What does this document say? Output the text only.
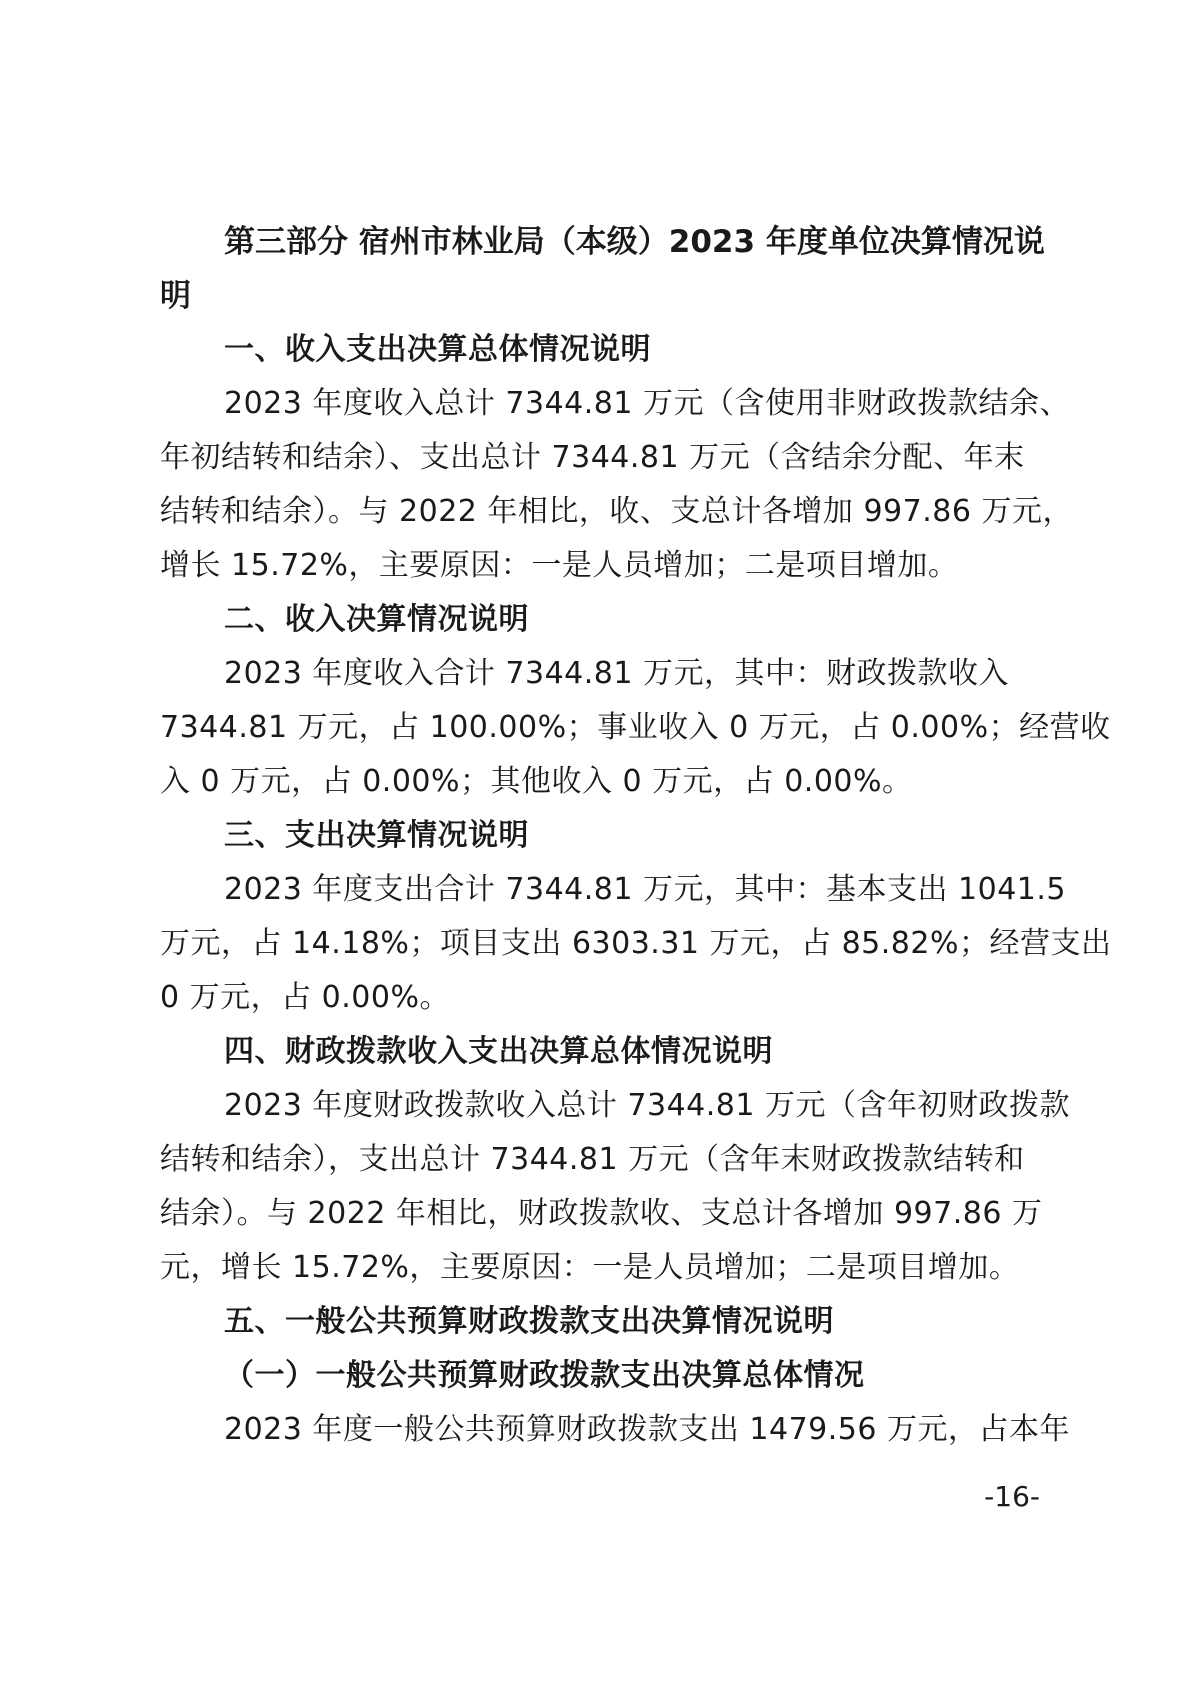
第三部分 宿州市林业局（本级）2023 年度单位决算情况说
明
一、收入支出决算总体情况说明
2023 年度收入总计 7344.81 万元（含使用非财政拨款结余、
年初结转和结余）、支出总计 7344.81 万元（含结余分配、年末
结转和结余）。与 2022 年相比，收、支总计各增加 997.86 万元，
增长 15.72%，主要原因：一是人员增加；二是项目增加。
二、收入决算情况说明
2023 年度收入合计 7344.81 万元，其中：财政拨款收入
7344.81 万元，占 100.00%；事业收入 0 万元，占 0.00%；经营收
入 0 万元，占 0.00%；其他收入 0 万元，占 0.00%。
三、支出决算情况说明
2023 年度支出合计 7344.81 万元，其中：基本支出 1041.5
万元，占 14.18%；项目支出 6303.31 万元，占 85.82%；经营支出
0 万元，占 0.00%。
四、财政拨款收入支出决算总体情况说明
2023 年度财政拨款收入总计 7344.81 万元（含年初财政拨款
结转和结余），支出总计 7344.81 万元（含年末财政拨款结转和
结余）。与 2022 年相比，财政拨款收、支总计各增加 997.86 万
元，增长 15.72%，主要原因：一是人员增加；二是项目增加。
五、一般公共预算财政拨款支出决算情况说明
（一）一般公共预算财政拨款支出决算总体情况
2023 年度一般公共预算财政拨款支出 1479.56 万元，占本年
-16-
